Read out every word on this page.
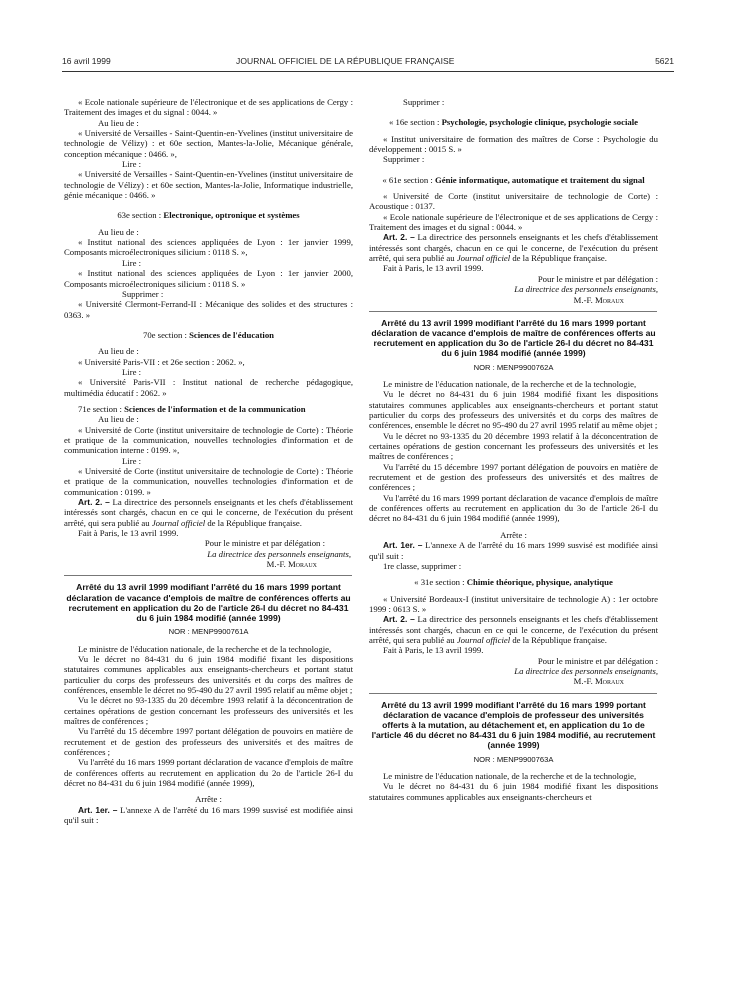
16 avril 1999	JOURNAL OFFICIEL DE LA RÉPUBLIQUE FRANÇAISE	5621

« Ecole nationale supérieure de l'électronique et de ses applications de Cergy : Traitement des images et du signal : 0044. »

Au lieu de :

« Université de Versailles - Saint-Quentin-en-Yvelines (institut universitaire de technologie de Vélizy) : et 60e section, Mantes-la-Jolie, Mécanique générale, conception mécanique : 0466. »,

Lire :

« Université de Versailles - Saint-Quentin-en-Yvelines (institut universitaire de technologie de Vélizy) : et 60e section, Mantes-la-Jolie, Informatique industrielle, génie mécanique : 0466. »

63e section : Electronique, optronique et systèmes

Au lieu de :

« Institut national des sciences appliquées de Lyon : 1er janvier 1999, Composants microélectroniques silicium : 0118 S. »,

Lire :

« Institut national des sciences appliquées de Lyon : 1er janvier 2000, Composants microélectroniques silicium : 0118 S. »

Supprimer :

« Université Clermont-Ferrand-II : Mécanique des solides et des structures : 0363. »

70e section : Sciences de l'éducation

Au lieu de :

« Université Paris-VII : et 26e section : 2062. »,

Lire :

« Université Paris-VII : Institut national de recherche pédagogique, multimédia éducatif : 2062. »

71e section : Sciences de l'information et de la communication

Au lieu de :

« Université de Corte (institut universitaire de technologie de Corte) : Théorie et pratique de la communication, nouvelles technologies d'information et de communication interne : 0199. »,

Lire :

« Université de Corte (institut universitaire de technologie de Corte) : Théorie et pratique de la communication, nouvelles technologies d'information et de communication : 0199. »

Art. 2. – La directrice des personnels enseignants et les chefs d'établissement intéressés sont chargés, chacun en ce qui le concerne, de l'exécution du présent arrêté, qui sera publié au Journal officiel de la République française.

Fait à Paris, le 13 avril 1999.

Pour le ministre et par délégation :

La directrice des personnels enseignants,

M.-F. Moraux

Arrêté du 13 avril 1999 modifiant l'arrêté du 16 mars 1999 portant déclaration de vacance d'emplois de maître de conférences offerts au recrutement en application du 2o de l'article 26-I du décret no 84-431 du 6 juin 1984 modifié (année 1999)

NOR : MENP9900761A

Le ministre de l'éducation nationale, de la recherche et de la technologie,

Vu le décret no 84-431 du 6 juin 1984 modifié fixant les dispositions statutaires communes applicables aux enseignants-chercheurs et portant statut particulier du corps des professeurs des universités et du corps des maîtres de conférences, ensemble le décret no 95-490 du 27 avril 1995 relatif au même objet ;

Vu le décret no 93-1335 du 20 décembre 1993 relatif à la déconcentration de certaines opérations de gestion concernant les professeurs des universités et les maîtres de conférences ;

Vu l'arrêté du 15 décembre 1997 portant délégation de pouvoirs en matière de recrutement et de gestion des professeurs des universités et des maîtres de conférences ;

Vu l'arrêté du 16 mars 1999 portant déclaration de vacance d'emplois de maître de conférences offerts au recrutement en application du 2o de l'article 26-I du décret no 84-431 du 6 juin 1984 modifié (année 1999),

Arrête :

Art. 1er. – L'annexe A de l'arrêté du 16 mars 1999 susvisé est modifiée ainsi qu'il suit :

Supprimer :

« 16e section : Psychologie, psychologie clinique, psychologie sociale

« Institut universitaire de formation des maîtres de Corse : Psychologie du développement : 0015 S. »

Supprimer :

« 61e section : Génie informatique, automatique et traitement du signal

« Université de Corte (institut universitaire de technologie de Corte) : Acoustique : 0137.

« Ecole nationale supérieure de l'électronique et de ses applications de Cergy : Traitement des images et du signal : 0044. »

Art. 2. – La directrice des personnels enseignants et les chefs d'établissement intéressés sont chargés, chacun en ce qui le concerne, de l'exécution du présent arrêté, qui sera publié au Journal officiel de la République française.

Fait à Paris, le 13 avril 1999.

Pour le ministre et par délégation :

La directrice des personnels enseignants,

M.-F. Moraux

Arrêté du 13 avril 1999 modifiant l'arrêté du 16 mars 1999 portant déclaration de vacance d'emplois de maître de conférences offerts au recrutement en application du 3o de l'article 26-I du décret no 84-431 du 6 juin 1984 modifié (année 1999)

NOR : MENP9900762A

Le ministre de l'éducation nationale, de la recherche et de la technologie,

Vu le décret no 84-431 du 6 juin 1984 modifié fixant les dispositions statutaires communes applicables aux enseignants-chercheurs et portant statut particulier du corps des professeurs des universités et du corps des maîtres de conférences, ensemble le décret no 95-490 du 27 avril 1995 relatif au même objet ;

Vu le décret no 93-1335 du 20 décembre 1993 relatif à la déconcentration de certaines opérations de gestion concernant les professeurs des universités et les maîtres de conférences ;

Vu l'arrêté du 15 décembre 1997 portant délégation de pouvoirs en matière de recrutement et de gestion des professeurs des universités et des maîtres de conférences ;

Vu l'arrêté du 16 mars 1999 portant déclaration de vacance d'emplois de maître de conférences offerts au recrutement en application du 3o de l'article 26-I du décret no 84-431 du 6 juin 1984 modifié (année 1999),

Arrête :

Art. 1er. – L'annexe A de l'arrêté du 16 mars 1999 susvisé est modifiée ainsi qu'il suit :

1re classe, supprimer :

« 31e section : Chimie théorique, physique, analytique

« Université Bordeaux-I (institut universitaire de technologie A) : 1er octobre 1999 : 0613 S. »

Art. 2. – La directrice des personnels enseignants et les chefs d'établissement intéressés sont chargés, chacun en ce qui le concerne, de l'exécution du présent arrêté, qui sera publié au Journal officiel de la République française.

Fait à Paris, le 13 avril 1999.

Pour le ministre et par délégation :

La directrice des personnels enseignants,

M.-F. Moraux

Arrêté du 13 avril 1999 modifiant l'arrêté du 16 mars 1999 portant déclaration de vacance d'emplois de professeur des universités offerts à la mutation, au détachement et, en application du 1o de l'article 46 du décret no 84-431 du 6 juin 1984 modifié, au recrutement (année 1999)

NOR : MENP9900763A

Le ministre de l'éducation nationale, de la recherche et de la technologie,

Vu le décret no 84-431 du 6 juin 1984 modifié fixant les dispositions statutaires communes applicables aux enseignants-chercheurs et
